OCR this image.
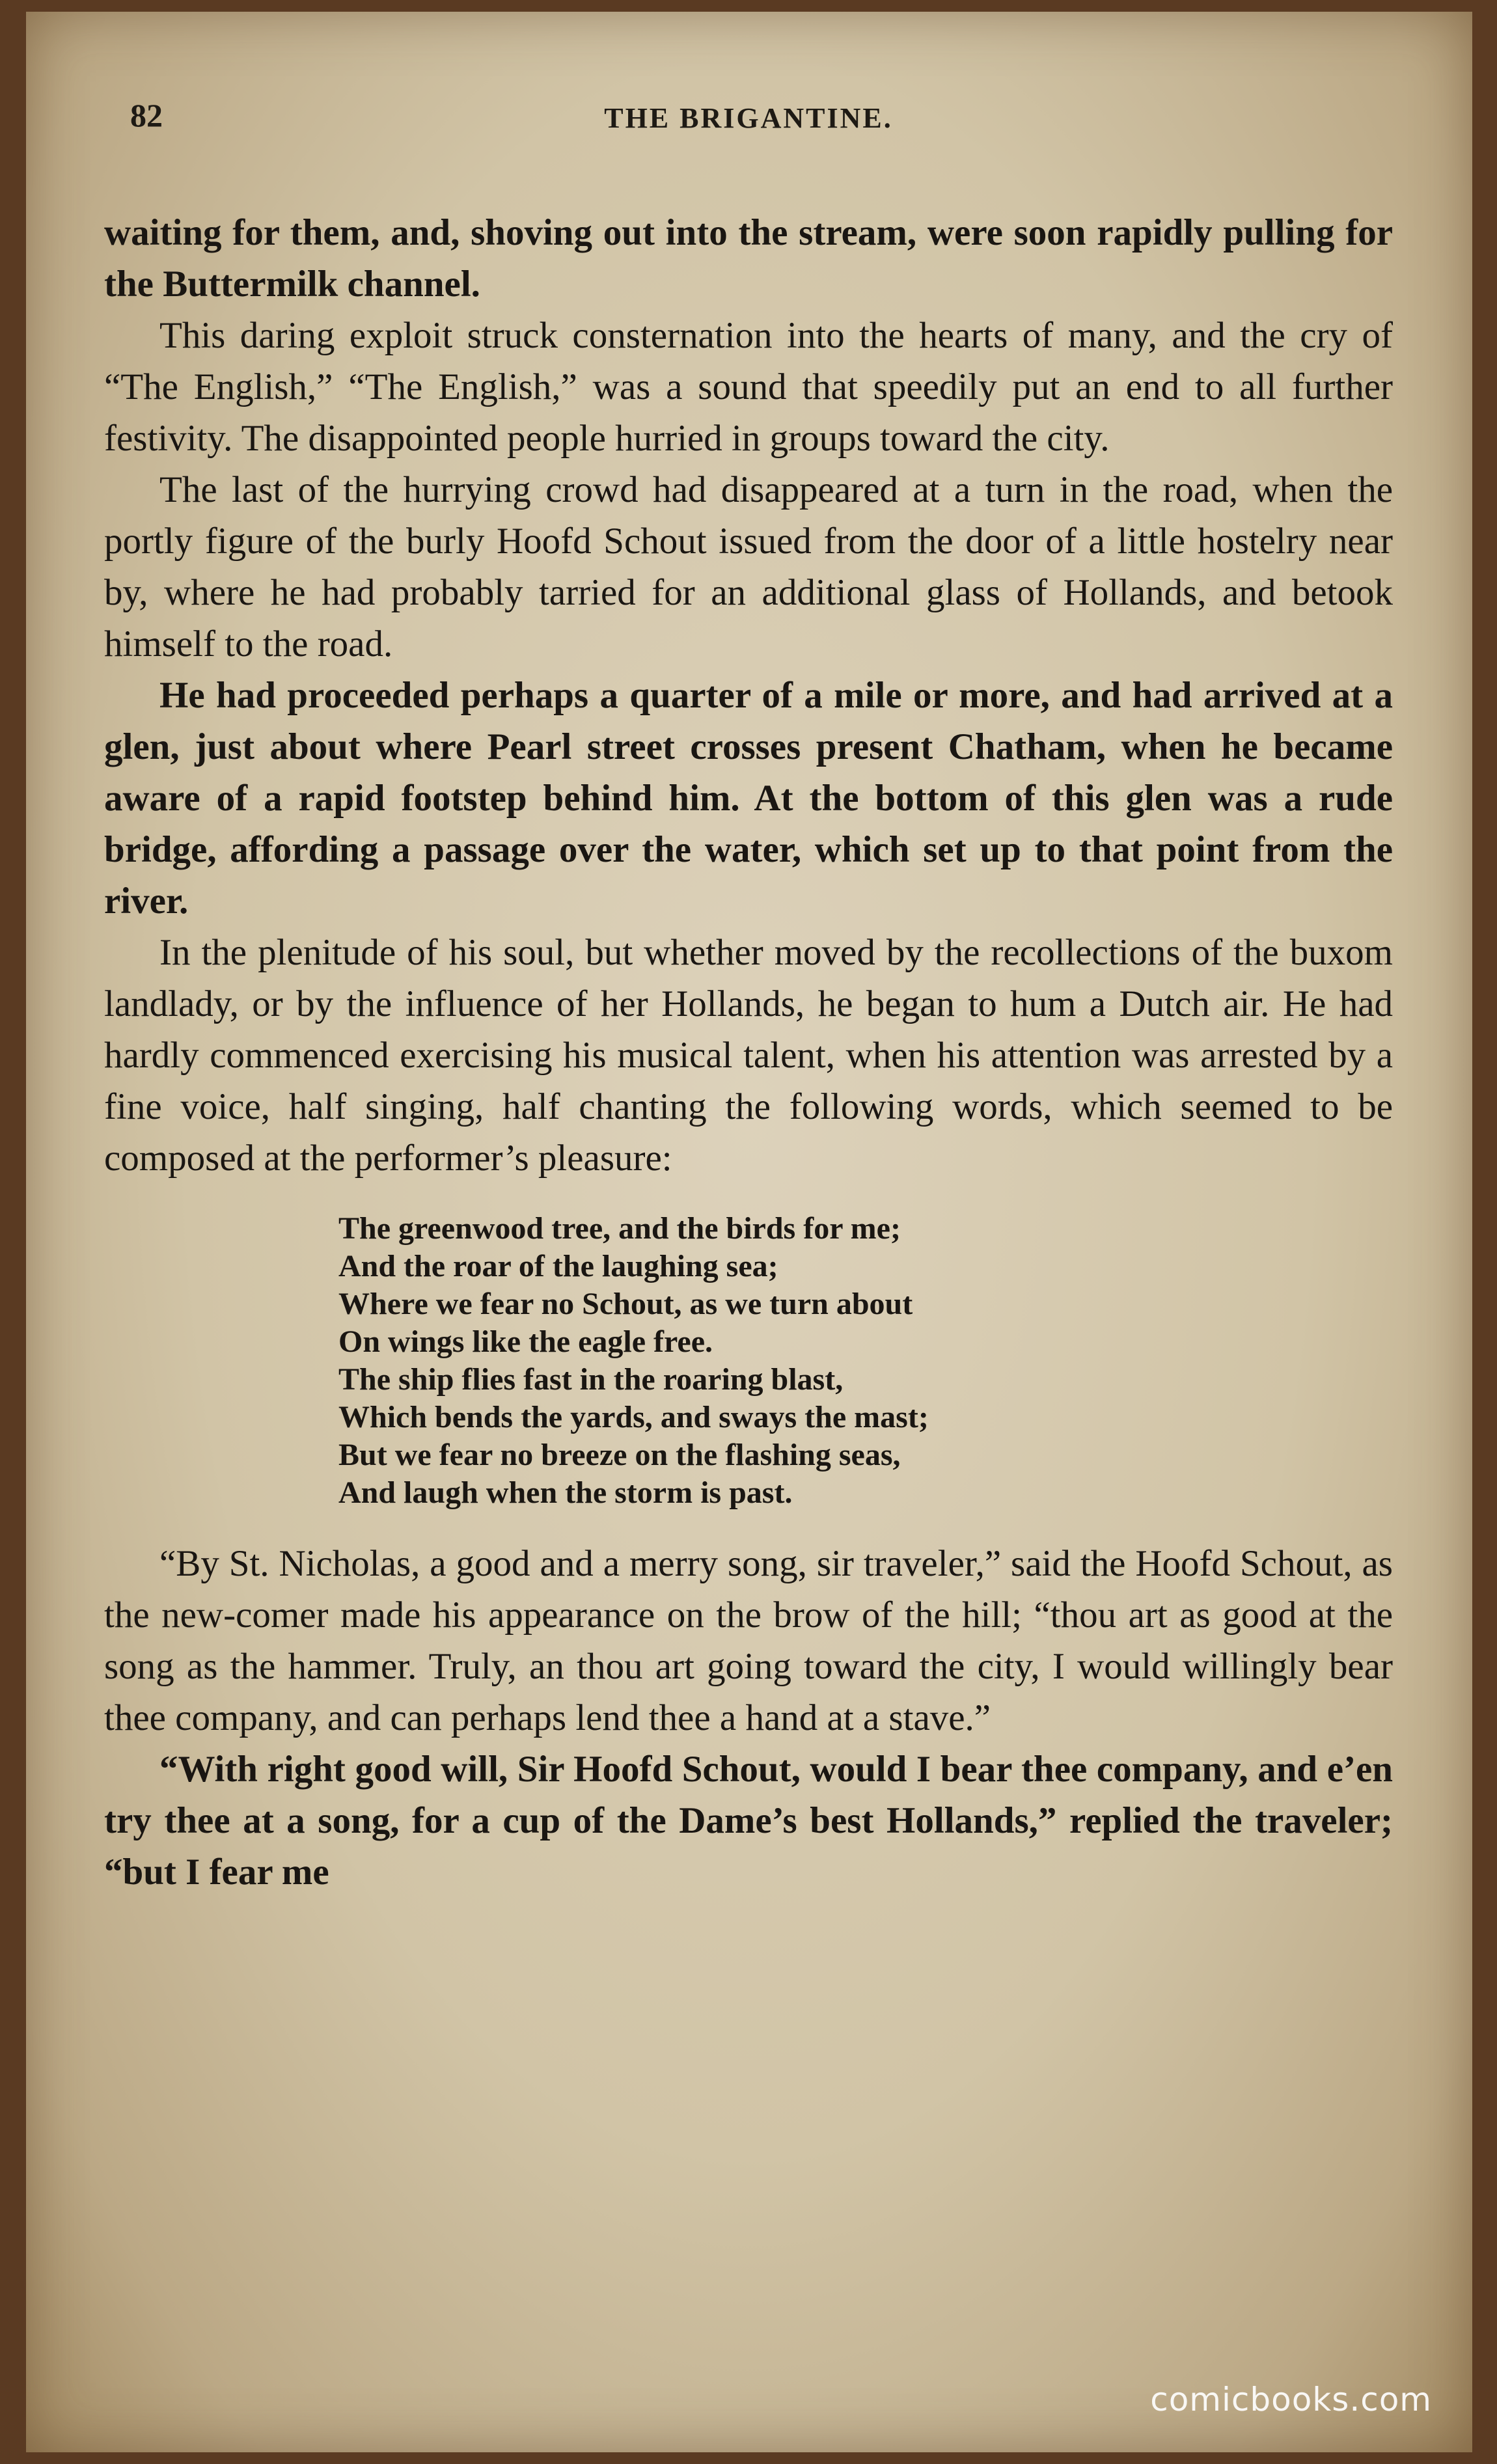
82	THE BRIGANTINE.

waiting for them, and, shoving out into the stream, were soon rapidly pulling for the Buttermilk channel.

This daring exploit struck consternation into the hearts of many, and the cry of “The English,” “The English,” was a sound that speedily put an end to all further festivity. The disappointed people hurried in groups toward the city.

The last of the hurrying crowd had disappeared at a turn in the road, when the portly figure of the burly Hoofd Schout issued from the door of a little hostelry near by, where he had probably tarried for an additional glass of Hollands, and betook himself to the road.

He had proceeded perhaps a quarter of a mile or more, and had arrived at a glen, just about where Pearl street crosses present Chatham, when he became aware of a rapid footstep behind him. At the bottom of this glen was a rude bridge, affording a passage over the water, which set up to that point from the river.

In the plenitude of his soul, but whether moved by the recollections of the buxom landlady, or by the influence of her Hollands, he began to hum a Dutch air. He had hardly commenced exercising his musical talent, when his attention was arrested by a fine voice, half singing, half chanting the following words, which seemed to be composed at the performer’s pleasure:

The greenwood tree, and the birds for me;
And the roar of the laughing sea;
Where we fear no Schout, as we turn about
On wings like the eagle free.
The ship flies fast in the roaring blast,
Which bends the yards, and sways the mast;
But we fear no breeze on the flashing seas,
And laugh when the storm is past.

“By St. Nicholas, a good and a merry song, sir traveler,” said the Hoofd Schout, as the new-comer made his appearance on the brow of the hill; “thou art as good at the song as the hammer. Truly, an thou art going toward the city, I would willingly bear thee company, and can perhaps lend thee a hand at a stave.”

“With right good will, Sir Hoofd Schout, would I bear thee company, and e’en try thee at a song, for a cup of the Dame’s best Hollands,” replied the traveler; “but I fear me

comicbooks.com
